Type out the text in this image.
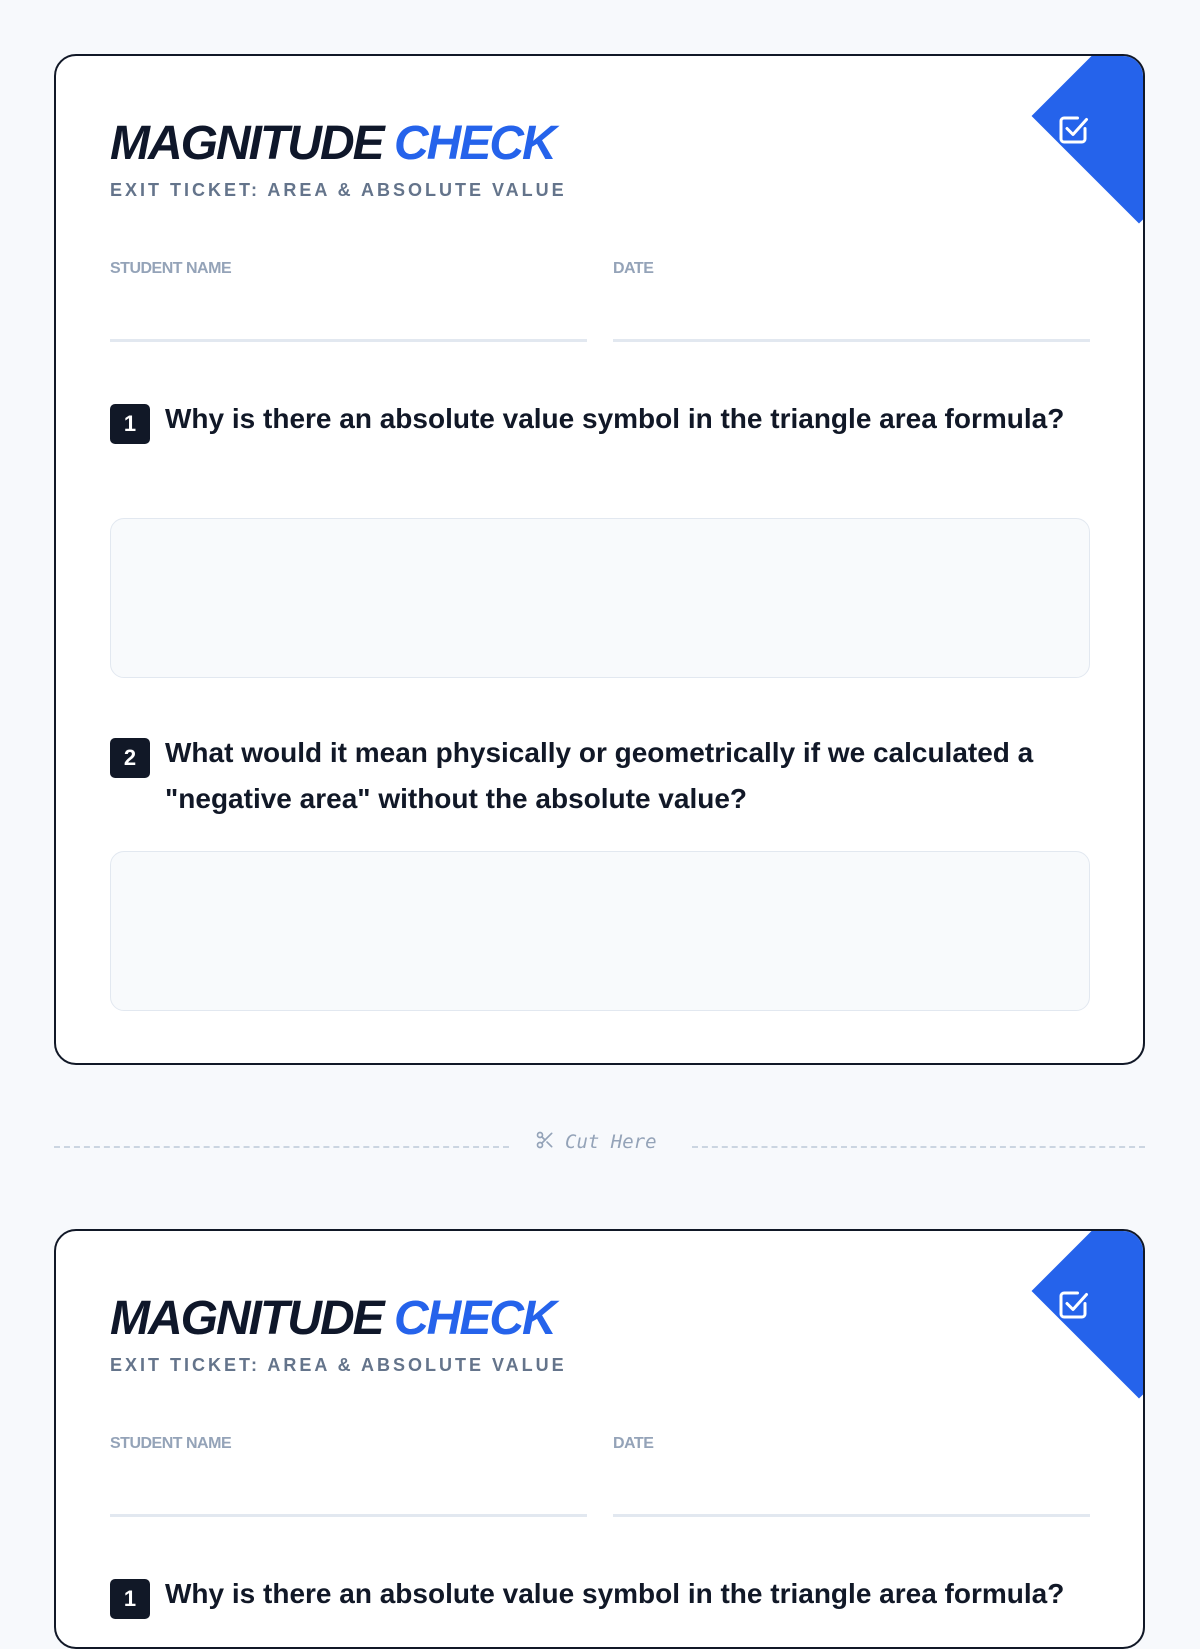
MAGNITUDE CHECK
EXIT TICKET: AREA & ABSOLUTE VALUE
STUDENT NAME	DATE
1	Why is there an absolute value symbol in the triangle area formula?

2	What would it mean physically or geometrically if we calculated a "negative area" without the absolute value?

Cut Here
MAGNITUDE CHECK
EXIT TICKET: AREA & ABSOLUTE VALUE
STUDENT NAME	DATE
1	Why is there an absolute value symbol in the triangle area formula?
